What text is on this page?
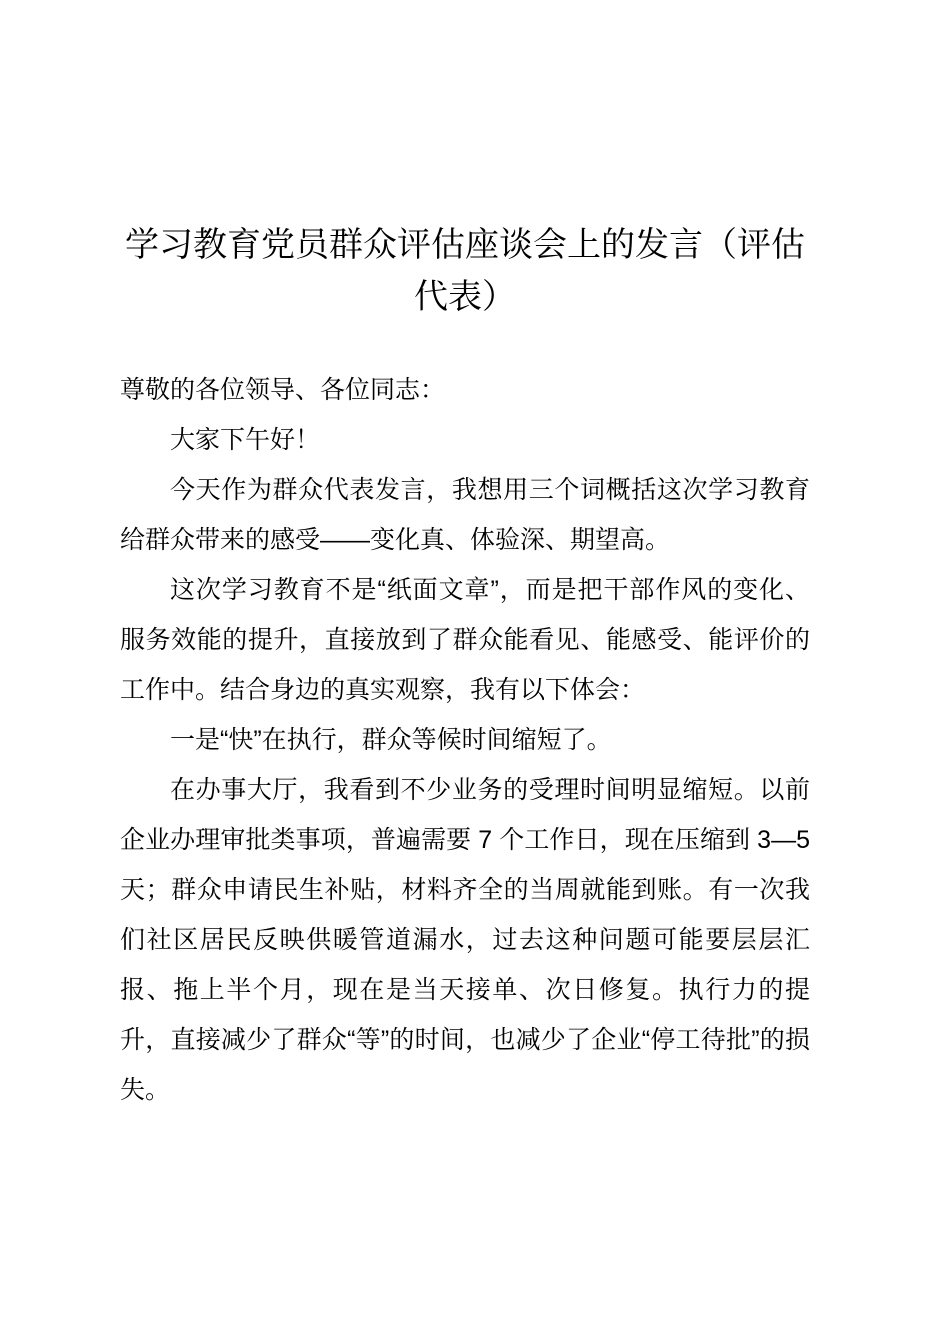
学习教育党员群众评估座谈会上的发言（评估代表）

尊敬的各位领导、各位同志：

大家下午好！

今天作为群众代表发言，我想用三个词概括这次学习教育给群众带来的感受——变化真、体验深、期望高。

这次学习教育不是“纸面文章”，而是把干部作风的变化、服务效能的提升，直接放到了群众能看见、能感受、能评价的工作中。结合身边的真实观察，我有以下体会：

一是“快”在执行，群众等候时间缩短了。

在办事大厅，我看到不少业务的受理时间明显缩短。以前企业办理审批类事项，普遍需要 7 个工作日，现在压缩到 3—5 天；群众申请民生补贴，材料齐全的当周就能到账。有一次我们社区居民反映供暖管道漏水，过去这种问题可能要层层汇报、拖上半个月，现在是当天接单、次日修复。执行力的提升，直接减少了群众“等”的时间，也减少了企业“停工待批”的损失。
